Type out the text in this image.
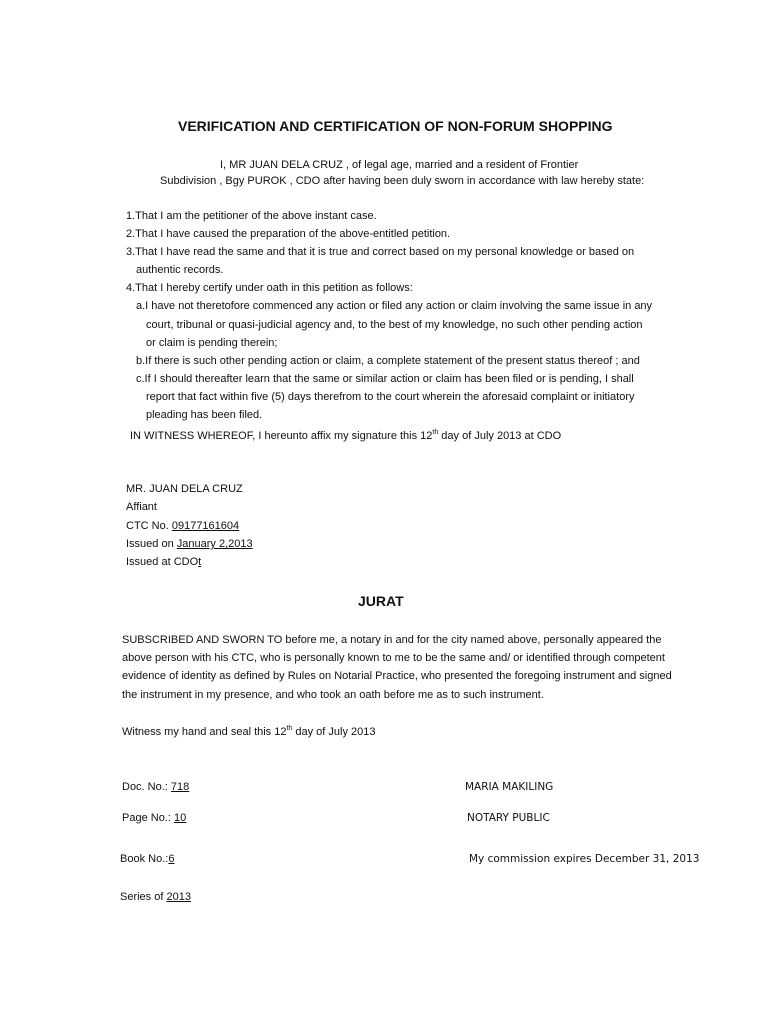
VERIFICATION AND CERTIFICATION OF NON-FORUM SHOPPING
I, MR JUAN DELA CRUZ , of legal age, married and a resident of Frontier
Subdivision , Bgy PUROK , CDO after having been duly sworn in accordance with law hereby state:
1.That I am the petitioner of the above instant case.
2.That I have caused the preparation of the above-entitled petition.
3.That I have read the same and that it is true and correct based on my personal knowledge or based on
authentic records.
4.That I hereby certify under oath in this petition as follows:
a.I have not theretofore commenced any action or filed any action or claim involving the same issue in any
court, tribunal or quasi-judicial agency and, to the best of my knowledge, no such other pending action
or claim is pending therein;
b.If there is such other pending action or claim, a complete statement of the present status thereof ; and
c.If I should thereafter learn that the same or similar action or claim has been filed or is pending, I shall
report that fact within five (5) days therefrom to the court wherein the aforesaid complaint or initiatory
pleading has been filed.
IN WITNESS WHEREOF, I hereunto affix my signature this 12th day of July 2013 at CDO
MR. JUAN DELA CRUZ
Affiant
CTC No. 09177161604
Issued on January 2,2013
Issued at CDOt
JURAT
SUBSCRIBED AND SWORN TO before me, a notary in and for the city named above, personally appeared the
above person with his CTC, who is personally known to me to be the same and/ or identified through competent
evidence of identity as defined by Rules on Notarial Practice, who presented the foregoing instrument and signed
the instrument in my presence, and who took an oath before me as to such instrument.
Witness my hand and seal this 12th day of July 2013
Doc. No.: 718
Page No.: 10
Book No.:6
Series of 2013
MARIA MAKILING
NOTARY PUBLIC
My commission expires December 31, 2013
